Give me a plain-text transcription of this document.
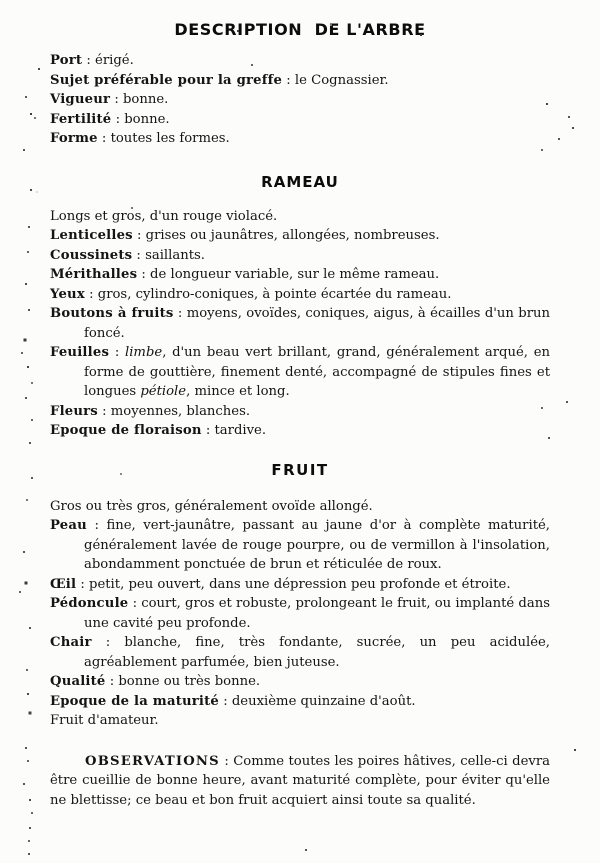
DESCRIPTION  DE L'ARBRE

Port : érigé.

Sujet préférable pour la greffe : le Cognassier.

Vigueur : bonne.

Fertilité : bonne.

Forme : toutes les formes.

RAMEAU

Longs et gros, d'un rouge violacé.

Lenticelles : grises ou jaunâtres, allongées, nombreuses.

Coussinets : saillants.

Mérithalles : de longueur variable, sur le même rameau.

Yeux : gros, cylindro-coniques, à pointe écartée du rameau.

Boutons à fruits : moyens, ovoïdes, coniques, aigus, à écailles d'un brun foncé.

Feuilles : limbe, d'un beau vert brillant, grand, généralement arqué, en forme de gouttière, finement denté, accompagné de stipules fines et longues pétiole, mince et long.

Fleurs : moyennes, blanches.

Epoque de floraison : tardive.

FRUIT

Gros ou très gros, généralement ovoïde allongé.

Peau : fine, vert-jaunâtre, passant au jaune d'or à complète maturité, généralement lavée de rouge pourpre, ou de vermillon à l'insolation, abondamment ponctuée de brun et réticulée de roux.

Œil : petit, peu ouvert, dans une dépression peu profonde et étroite.

Pédoncule : court, gros et robuste, prolongeant le fruit, ou implanté dans une cavité peu profonde.

Chair : blanche, fine, très fondante, sucrée, un peu acidulée, agréablement parfumée, bien juteuse.

Qualité : bonne ou très bonne.

Epoque de la maturité : deuxième quinzaine d'août.

Fruit d'amateur.

OBSERVATIONS : Comme toutes les poires hâtives, celle-ci devra être cueillie de bonne heure, avant maturité complète, pour éviter qu'elle ne blettisse; ce beau et bon fruit acquiert ainsi toute sa qualité.
